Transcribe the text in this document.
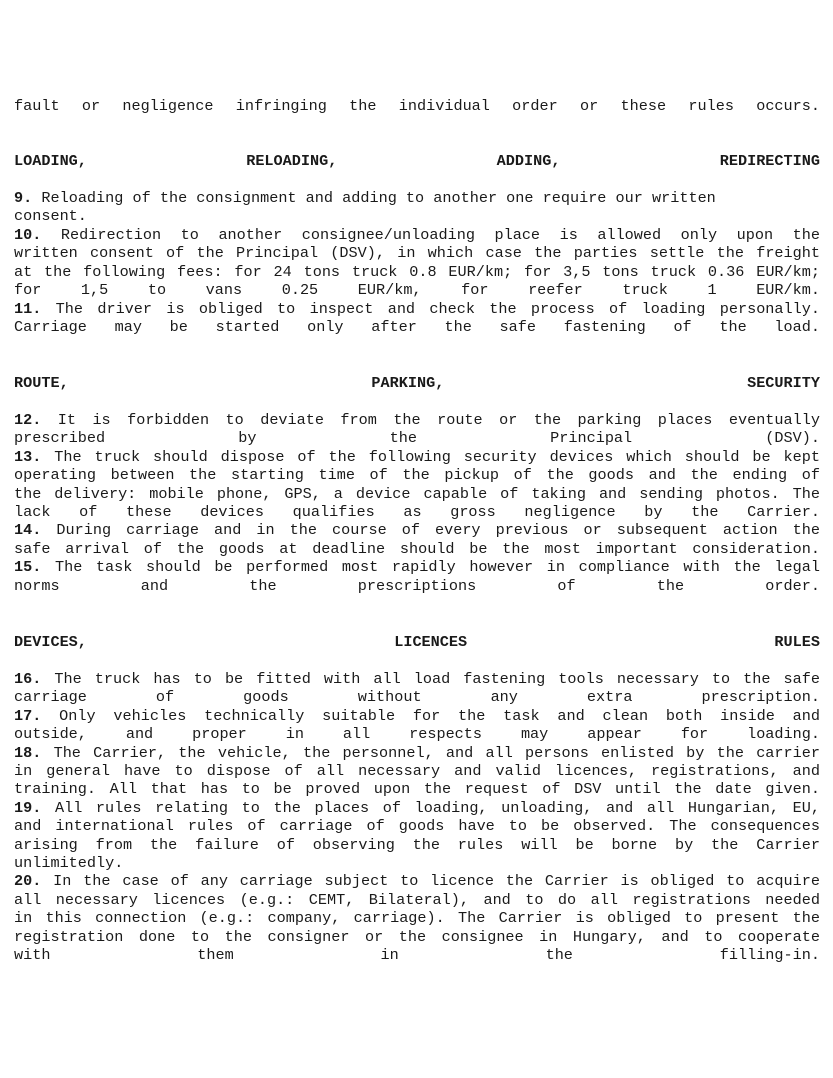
fault or negligence infringing the individual order or these rules occurs.
LOADING, RELOADING, ADDING, REDIRECTING
9. Reloading of the consignment and adding to another one require our written
consent.
10. Redirection to another consignee/unloading place is allowed only upon the
written consent of the Principal (DSV), in which case the parties settle the freight
at the following fees: for 24 tons truck 0.8 EUR/km; for 3,5 tons truck 0.36 EUR/km;
for 1,5 to vans 0.25 EUR/km, for reefer truck 1 EUR/km.
11. The driver is obliged to inspect and check the process of loading personally.
Carriage may be started only after the safe fastening of the load.
ROUTE, PARKING, SECURITY
12. It is forbidden to deviate from the route or the parking places eventually
prescribed by the Principal (DSV).
13. The truck should dispose of the following security devices which should be kept
operating between the starting time of the pickup of the goods and the ending of
the delivery: mobile phone, GPS, a device capable of taking and sending photos. The
lack of these devices qualifies as gross negligence by the Carrier.
14. During carriage and in the course of every previous or subsequent action the
safe arrival of the goods at deadline should be the most important consideration.
15. The task should be performed most rapidly however in compliance with the legal
norms and the prescriptions of the order.
DEVICES, LICENCES RULES
16. The truck has to be fitted with all load fastening tools necessary to the safe
carriage of goods without any extra prescription.
17. Only vehicles technically suitable for the task and clean both inside and
outside, and proper in all respects may appear for loading.
18. The Carrier, the vehicle, the personnel, and all persons enlisted by the carrier
in general have to dispose of all necessary and valid licences, registrations, and
training. All that has to be proved upon the request of DSV until the date given.
19. All rules relating to the places of loading, unloading, and all Hungarian, EU,
and international rules of carriage of goods have to be observed. The consequences
arising from the failure of observing the rules will be borne by the Carrier
unlimitedly.
20. In the case of any carriage subject to licence the Carrier is obliged to acquire
all necessary licences (e.g.: CEMT, Bilateral), and to do all registrations needed
in this connection (e.g.: company, carriage). The Carrier is obliged to present the
registration done to the consigner or the consignee in Hungary, and to cooperate
with them in the filling-in.
